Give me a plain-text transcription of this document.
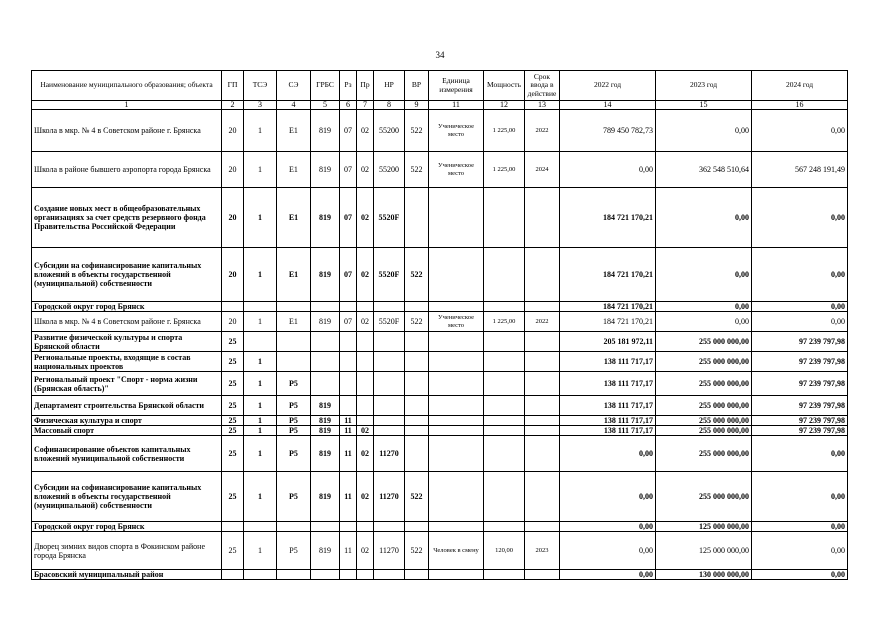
34
Наименование муниципального образования; объекта	ГП	ТСЭ	СЭ	ГРБС	Рз	Пр	НР	ВР	Единица измерения	Мощность	Срок ввода в действие	2022 год	2023 год	2024 год
1	2	3	4	5	6	7	8	9	11	12	13	14	15	16
Школа в мкр. № 4 в Советском районе г. Брянска	20	1	Е1	819	07	02	55200	522	Ученическое место	1 225,00	2022	789 450 782,73	0,00	0,00
Школа в районе бывшего аэропорта города Брянска	20	1	Е1	819	07	02	55200	522	Ученическое место	1 225,00	2024	0,00	362 548 510,64	567 248 191,49
Создание новых мест в общеобразовательных организациях за счет средств резервного фонда Правительства Российской Федерации	20	1	Е1	819	07	02	5520F					184 721 170,21	0,00	0,00
Субсидии на софинансирование капитальных вложений в объекты государственной (муниципальной) собственности	20	1	Е1	819	07	02	5520F	522				184 721 170,21	0,00	0,00
Городской округ город Брянск												184 721 170,21	0,00	0,00
Школа в мкр. № 4 в Советском районе г. Брянска	20	1	Е1	819	07	02	5520F	522	Ученическое место	1 225,00	2022	184 721 170,21	0,00	0,00
Развитие физической культуры и спорта Брянской области	25											205 181 972,11	255 000 000,00	97 239 797,98
Региональные проекты, входящие в состав национальных проектов	25	1										138 111 717,17	255 000 000,00	97 239 797,98
Региональный проект "Спорт - норма жизни (Брянская область)"	25	1	Р5									138 111 717,17	255 000 000,00	97 239 797,98
Департамент строительства Брянской области	25	1	Р5	819								138 111 717,17	255 000 000,00	97 239 797,98
Физическая культура и спорт	25	1	Р5	819	11							138 111 717,17	255 000 000,00	97 239 797,98
Массовый спорт	25	1	Р5	819	11	02						138 111 717,17	255 000 000,00	97 239 797,98
Софинансирование объектов капитальных вложений муниципальной собственности	25	1	Р5	819	11	02	11270					0,00	255 000 000,00	0,00
Субсидии на софинансирование капитальных вложений в объекты государственной (муниципальной) собственности	25	1	Р5	819	11	02	11270	522				0,00	255 000 000,00	0,00
Городской округ город Брянск												0,00	125 000 000,00	0,00
Дворец зимних видов спорта в Фокинском районе города Брянска	25	1	Р5	819	11	02	11270	522	Человек в смену	120,00	2023	0,00	125 000 000,00	0,00
Брасовский муниципальный район												0,00	130 000 000,00	0,00
